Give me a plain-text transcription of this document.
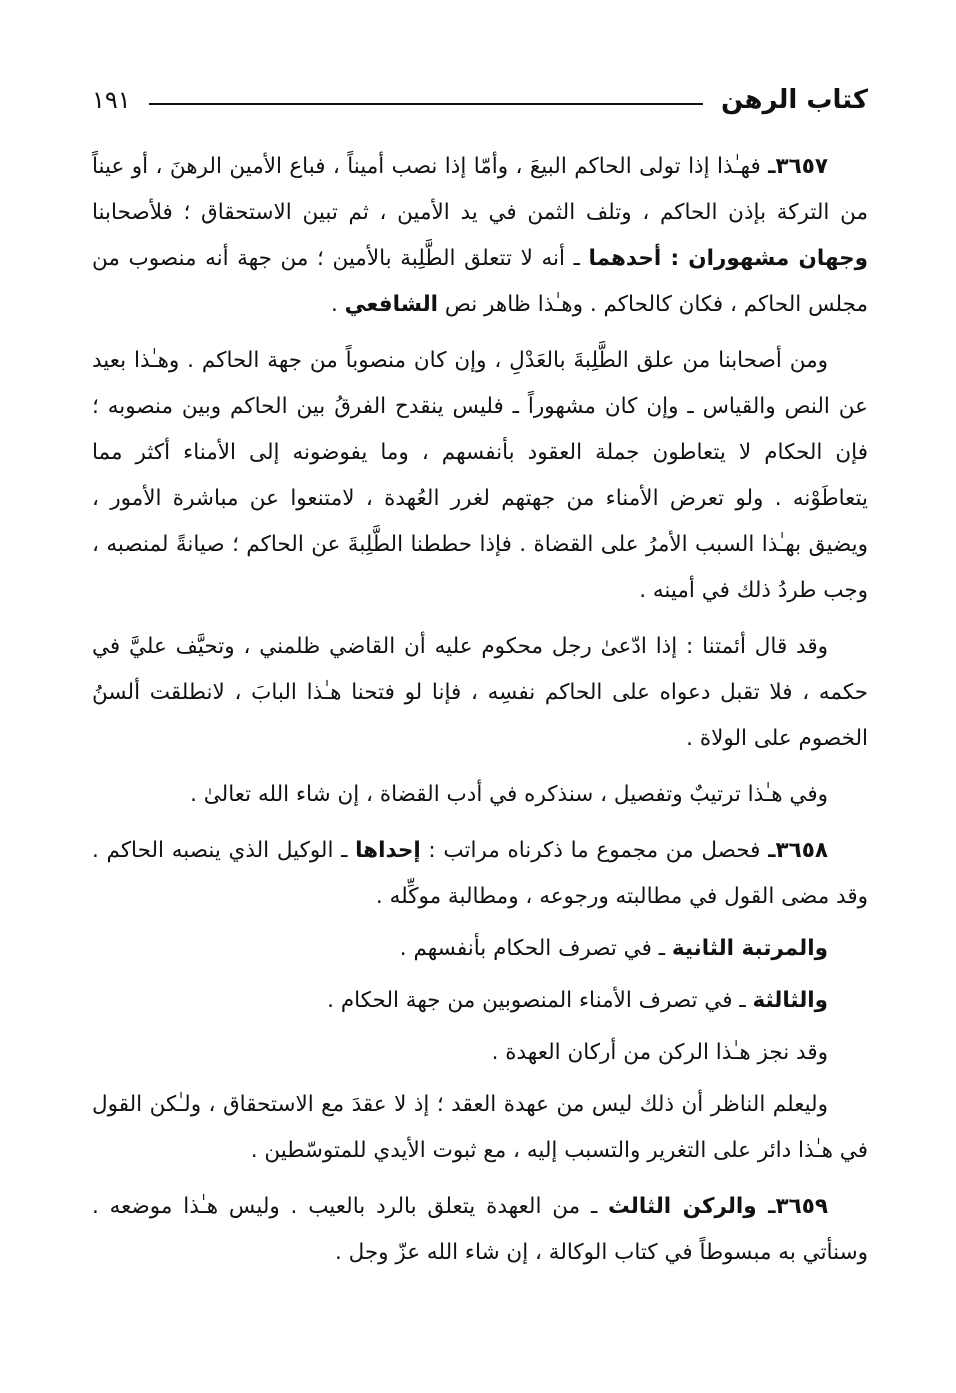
كتاب الرهن
١٩١

٣٦٥٧ـ فهـٰذا إذا تولى الحاكم البيعَ ، وأمّا إذا نصب أميناً ، فباع الأمين الرهنَ ، أو عيناً من التركة بإذن الحاكم ، وتلف الثمن في يد الأمين ، ثم تبين الاستحقاق ؛ فلأصحابنا وجهان مشهوران : أحدهما ـ أنه لا تتعلق الطَّلِبة بالأمين ؛ من جهة أنه منصوب من مجلس الحاكم ، فكان كالحاكم . وهـٰذا ظاهر نص الشافعي .

ومن أصحابنا من علق الطَّلِبةَ بالعَدْلِ ، وإن كان منصوباً من جهة الحاكم . وهـٰذا بعيد عن النص والقياس ـ وإن كان مشهوراً ـ فليس ينقدح الفرقُ بين الحاكم وبين منصوبه ؛ فإن الحكام لا يتعاطون جملة العقود بأنفسهم ، وما يفوضونه إلى الأمناء أكثر مما يتعاطَوْنه . ولو تعرض الأمناء من جهتهم لغرر العُهدة ، لامتنعوا عن مباشرة الأمور ، ويضيق بهـٰذا السبب الأمرُ على القضاة . فإذا حططنا الطَّلِبةَ عن الحاكم ؛ صيانةً لمنصبه ، وجب طردُ ذلك في أمينه .

وقد قال أئمتنا : إذا ادّعىٰ رجل محكوم عليه أن القاضي ظلمني ، وتحيَّف عليَّ في حكمه ، فلا تقبل دعواه على الحاكم نفسِه ، فإنا لو فتحنا هـٰذا البابَ ، لانطلقت ألسنُ الخصوم على الولاة .

وفي هـٰذا ترتيبٌ وتفصيل ، سنذكره في أدب القضاة ، إن شاء الله تعالىٰ .

٣٦٥٨ـ فحصل من مجموع ما ذكرناه مراتب : إحداها ـ الوكيل الذي ينصبه الحاكم . وقد مضى القول في مطالبته ورجوعه ، ومطالبة موكِّله .

والمرتبة الثانية ـ في تصرف الحكام بأنفسهم .

والثالثة ـ في تصرف الأمناء المنصوبين من جهة الحكام .

وقد نجز هـٰذا الركن من أركان العهدة .

وليعلم الناظر أن ذلك ليس من عهدة العقد ؛ إذ لا عقدَ مع الاستحقاق ، ولـٰكن القول في هـٰذا دائر على التغرير والتسبب إليه ، مع ثبوت الأيدي للمتوسّطين .

٣٦٥٩ـ والركن الثالث ـ من العهدة يتعلق بالرد بالعيب . وليس هـٰذا موضعه . وسنأتي به مبسوطاً في كتاب الوكالة ، إن شاء الله عزّ وجل .
